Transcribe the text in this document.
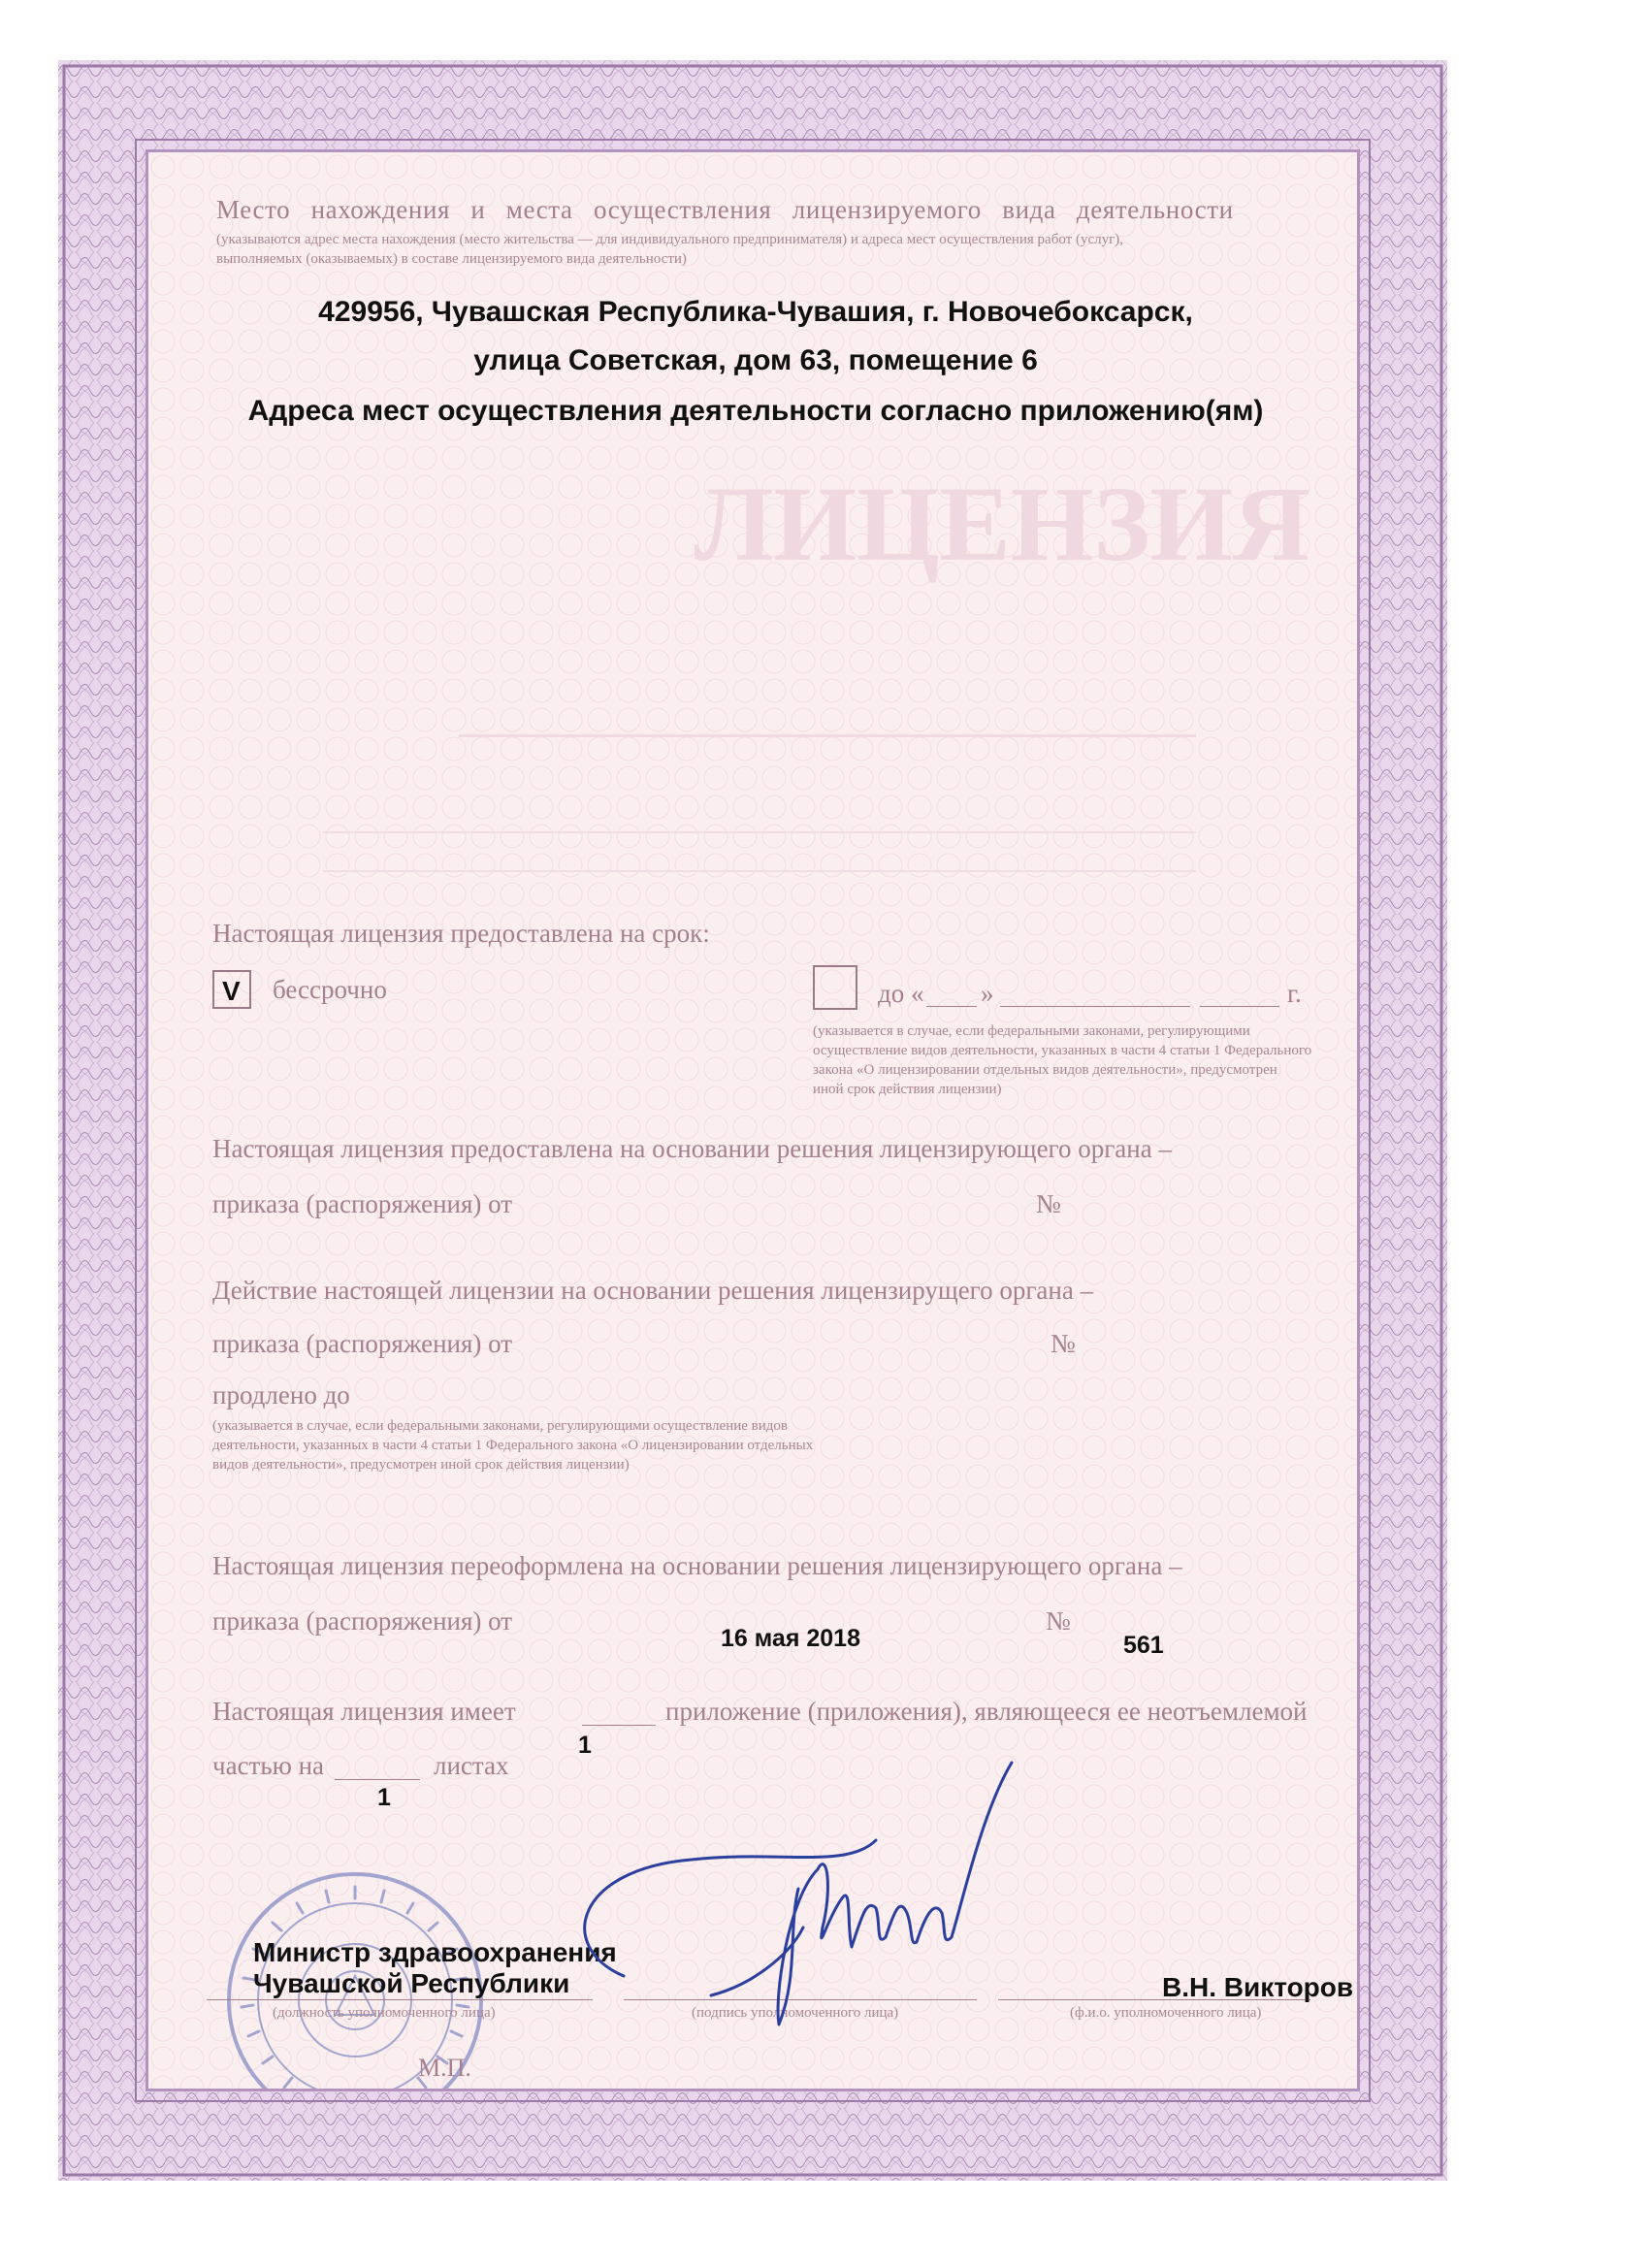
ЛИЦЕНЗИЯ
Место нахождения и места осуществления лицензируемого вида деятельности
(указываются адрес места нахождения (место жительства — для индивидуального предпринимателя) и адреса мест осуществления работ (услуг),
выполняемых (оказываемых) в составе лицензируемого вида деятельности)
429956, Чувашская Республика-Чувашия, г. Новочебоксарск,
улица Советская, дом 63, помещение 6
Адреса мест осуществления деятельности согласно приложению(ям)
Настоящая лицензия предоставлена на срок:
V бессрочно	до « »	г.
(указывается в случае, если федеральными законами, регулирующими
осуществление видов деятельности, указанных в части 4 статьи 1 Федерального
закона «О лицензировании отдельных видов деятельности», предусмотрен
иной срок действия лицензии)
Настоящая лицензия предоставлена на основании решения лицензирующего органа –
приказа (распоряжения) от	№
Действие настоящей лицензии на основании решения лицензирущего органа –
приказа (распоряжения) от	№
продлено до
(указывается в случае, если федеральными законами, регулирующими осуществление видов
деятельности, указанных в части 4 статьи 1 Федерального закона «О лицензировании отдельных
видов деятельности», предусмотрен иной срок действия лицензии)
Настоящая лицензия переоформлена на основании решения лицензирующего органа –
приказа (распоряжения) от	№
16 мая 2018	561
Настоящая лицензия имеет	приложение (приложения), являющееся ее неотъемлемой
1
частью на	листах
1
М.П.
Министр здравоохранения
Чувашской Республики
(должность уполномоченного лица)	(подпись уполномоченного лица)	(ф.и.о. уполномоченного лица)
В.Н. Викторов
